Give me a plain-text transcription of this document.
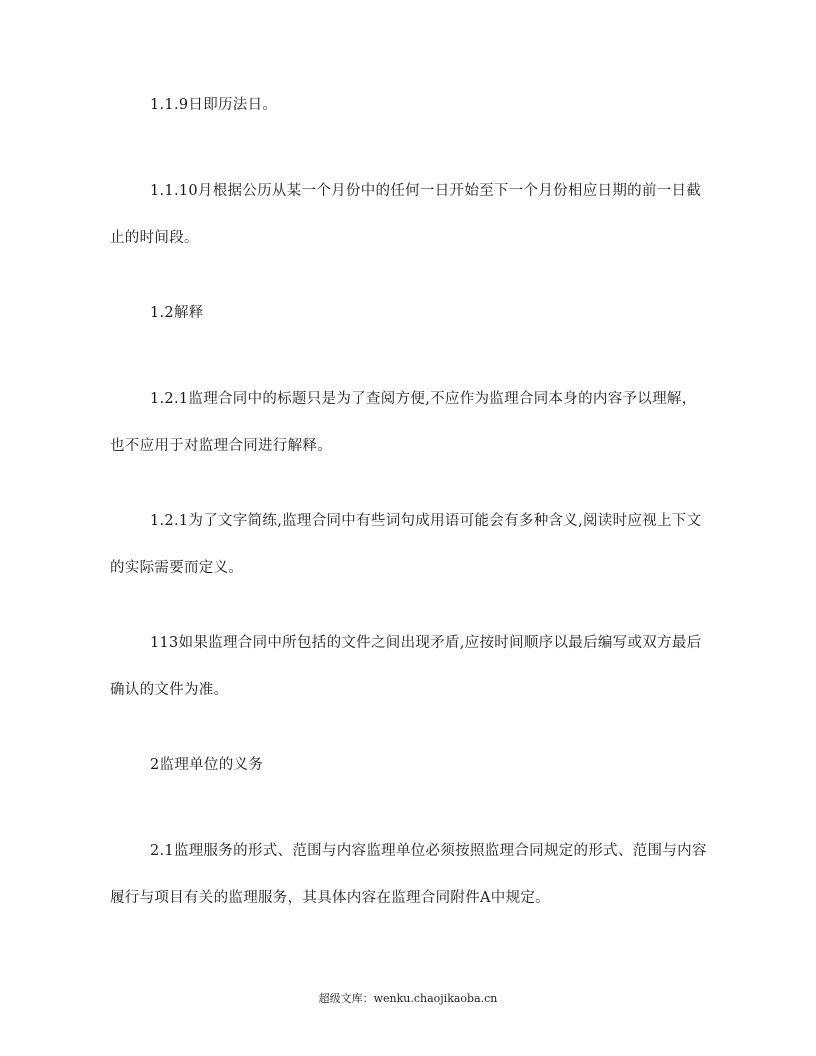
1.1.9日即历法日。

1.1.10月根据公历从某一个月份中的任何一日开始至下一个月份相应日期的前一日截止的时间段。

1.2解释

1.2.1监理合同中的标题只是为了查阅方便,不应作为监理合同本身的内容予以理解，也不应用于对监理合同进行解释。

1.2.1为了文字简练,监理合同中有些词句成用语可能会有多种含义,阅读时应视上下文的实际需要而定义。

113如果监理合同中所包括的文件之间出现矛盾,应按时间顺序以最后编写或双方最后确认的文件为准。

2监理单位的义务

2.1监理服务的形式、范围与内容监理单位必须按照监理合同规定的形式、范围与内容履行与项目有关的监理服务，其具体内容在监理合同附件A中规定。

超级文库：wenku.chaojikaoba.cn
